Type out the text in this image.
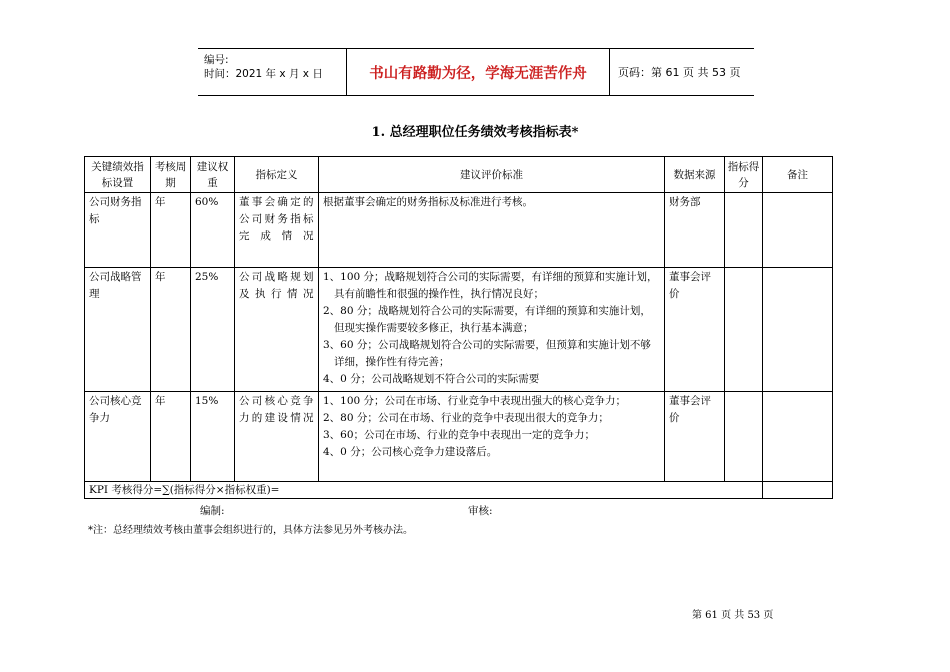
编号:
时间：2021 年 x 月 x 日	书山有路勤为径，学海无涯苦作舟	页码：第 61 页 共 53 页
1. 总经理职位任务绩效考核指标表*
关键绩效指标设置	考核周期	建议权重	指标定义	建议评价标准	数据来源	指标得分	备注
公司财务指标	年	60%	董事会确定的公司财务指标完成情况	根据董事会确定的财务指标及标准进行考核。	财务部		
公司战略管理	年	25%	公司战略规划及执行情况	1、100 分；战略规划符合公司的实际需要，有详细的预算和实施计划，具有前瞻性和很强的操作性，执行情况良好；
2、80 分；战略规划符合公司的实际需要，有详细的预算和实施计划，但现实操作需要较多修正，执行基本满意；
3、60 分；公司战略规划符合公司的实际需要，但预算和实施计划不够详细，操作性有待完善；
4、0 分；公司战略规划不符合公司的实际需要	董事会评价		
公司核心竞争力	年	15%	公司核心竞争力的建设情况	1、100 分；公司在市场、行业竞争中表现出强大的核心竞争力；
2、80 分；公司在市场、行业的竞争中表现出很大的竞争力；
3、60；公司在市场、行业的竞争中表现出一定的竞争力；
4、0 分；公司核心竞争力建设落后。	董事会评价		
KPI 考核得分=∑(指标得分×指标权重)=							
编制:	审核:
*注：总经理绩效考核由董事会组织进行的，具体方法参见另外考核办法。
第 61 页 共 53 页
